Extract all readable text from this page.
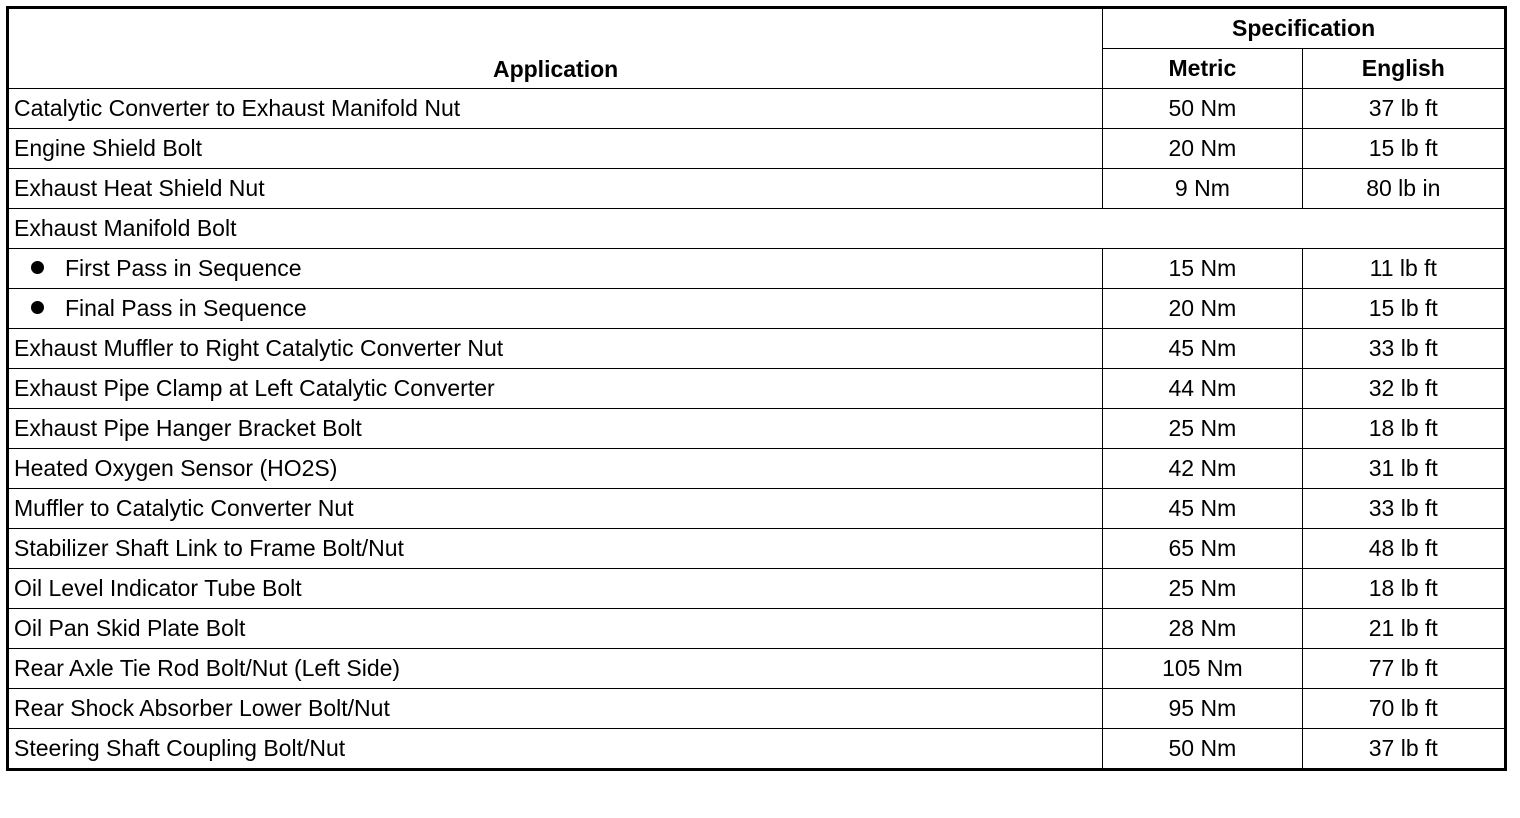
Application	Specification	
	Metric	English
Catalytic Converter to Exhaust Manifold Nut	50 Nm	37 lb ft
Engine Shield Bolt	20 Nm	15 lb ft
Exhaust Heat Shield Nut	9 Nm	80 lb in
Exhaust Manifold Bolt		
First Pass in Sequence	15 Nm	11 lb ft
Final Pass in Sequence	20 Nm	15 lb ft
Exhaust Muffler to Right Catalytic Converter Nut	45 Nm	33 lb ft
Exhaust Pipe Clamp at Left Catalytic Converter	44 Nm	32 lb ft
Exhaust Pipe Hanger Bracket Bolt	25 Nm	18 lb ft
Heated Oxygen Sensor (HO2S)	42 Nm	31 lb ft
Muffler to Catalytic Converter Nut	45 Nm	33 lb ft
Stabilizer Shaft Link to Frame Bolt/Nut	65 Nm	48 lb ft
Oil Level Indicator Tube Bolt	25 Nm	18 lb ft
Oil Pan Skid Plate Bolt	28 Nm	21 lb ft
Rear Axle Tie Rod Bolt/Nut (Left Side)	105 Nm	77 lb ft
Rear Shock Absorber Lower Bolt/Nut	95 Nm	70 lb ft
Steering Shaft Coupling Bolt/Nut	50 Nm	37 lb ft
